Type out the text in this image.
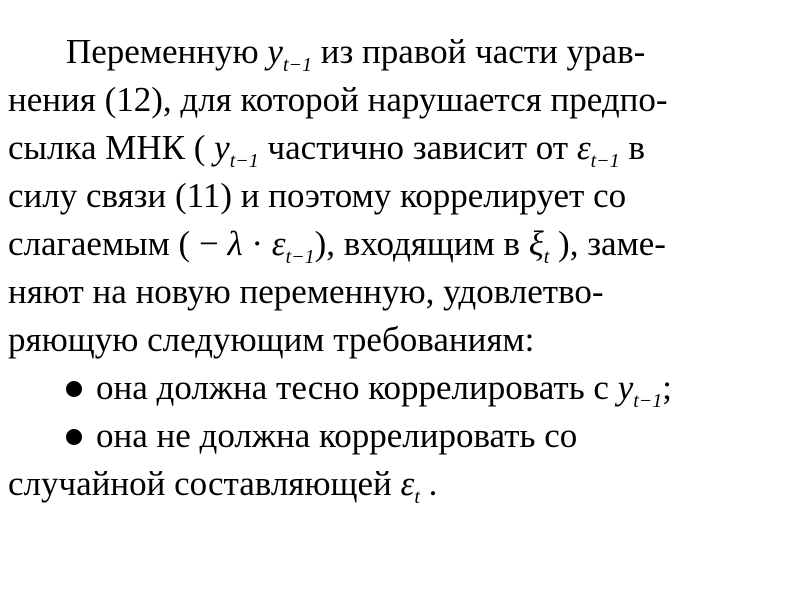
Переменную $y_{t-1}$ из правой части урав-
нения (12), для которой нарушается предпо-
сылка МНК ( $y_{t-1}$ частично зависит от $\varepsilon_{t-1}$ в
силу связи (11) и поэтому коррелирует со
слагаемым ( − $\lambda \cdot \varepsilon_{t-1}$), входящим в $\xi_t$ ), заме-
няют на новую переменную, удовлетво-
ряющую следующим требованиям:
она должна тесно коррелировать с $y_{t-1}$;
она не должна коррелировать со
случайной составляющей $\varepsilon_t$ .
